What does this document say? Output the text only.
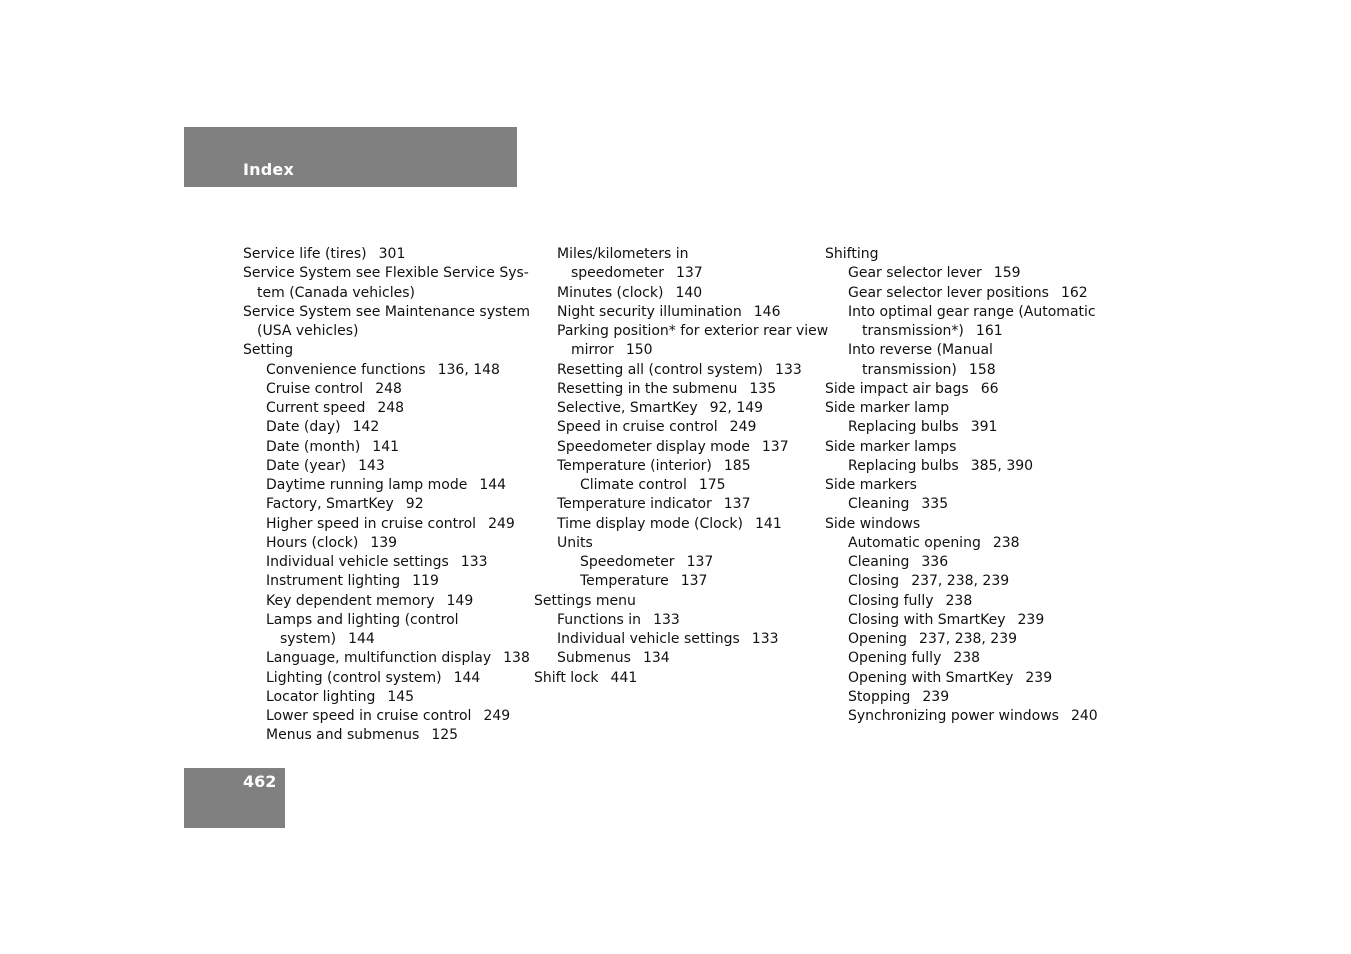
Index
Service life (tires) 301
Service System see Flexible Service Sys-
tem (Canada vehicles)
Service System see Maintenance system
(USA vehicles)
Setting
Convenience functions 136, 148
Cruise control 248
Current speed 248
Date (day) 142
Date (month) 141
Date (year) 143
Daytime running lamp mode 144
Factory, SmartKey 92
Higher speed in cruise control 249
Hours (clock) 139
Individual vehicle settings 133
Instrument lighting 119
Key dependent memory 149
Lamps and lighting (control
system) 144
Language, multifunction display 138
Lighting (control system) 144
Locator lighting 145
Lower speed in cruise control 249
Menus and submenus 125
Miles/kilometers in
speedometer 137
Minutes (clock) 140
Night security illumination 146
Parking position* for exterior rear view
mirror 150
Resetting all (control system) 133
Resetting in the submenu 135
Selective, SmartKey 92, 149
Speed in cruise control 249
Speedometer display mode 137
Temperature (interior) 185
Climate control 175
Temperature indicator 137
Time display mode (Clock) 141
Units
Speedometer 137
Temperature 137
Settings menu
Functions in 133
Individual vehicle settings 133
Submenus 134
Shift lock 441
Shifting
Gear selector lever 159
Gear selector lever positions 162
Into optimal gear range (Automatic
transmission*) 161
Into reverse (Manual
transmission) 158
Side impact air bags 66
Side marker lamp
Replacing bulbs 391
Side marker lamps
Replacing bulbs 385, 390
Side markers
Cleaning 335
Side windows
Automatic opening 238
Cleaning 336
Closing 237, 238, 239
Closing fully 238
Closing with SmartKey 239
Opening 237, 238, 239
Opening fully 238
Opening with SmartKey 239
Stopping 239
Synchronizing power windows 240
462
